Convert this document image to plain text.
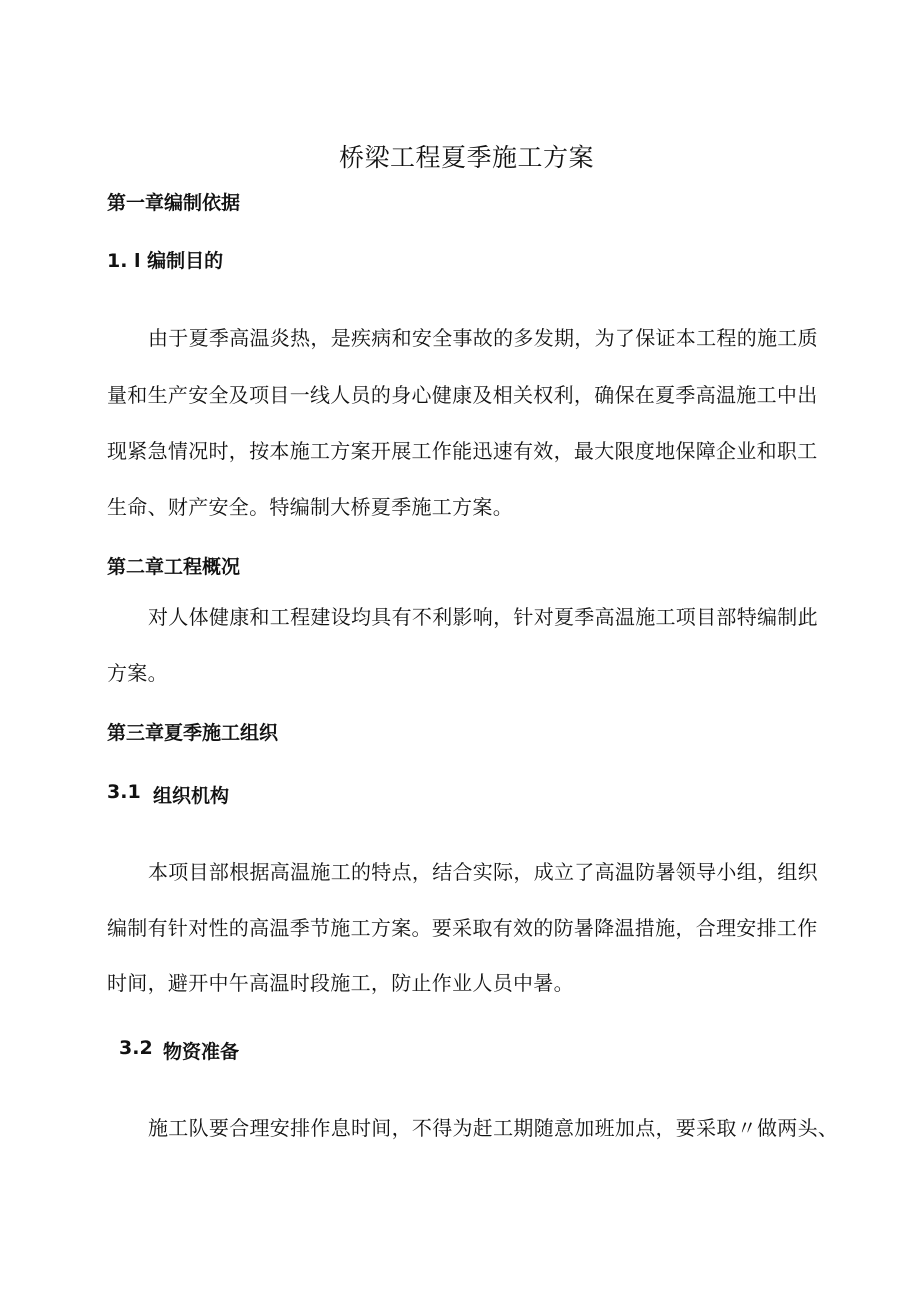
桥梁工程夏季施工方案
第一章编制依据
1. l 编制目的
由于夏季高温炎热，是疾病和安全事故的多发期，为了保证本工程的施工质
量和生产安全及项目一线人员的身心健康及相关权利，确保在夏季高温施工中出
现紧急情况时，按本施工方案开展工作能迅速有效，最大限度地保障企业和职工
生命、财产安全。特编制大桥夏季施工方案。
第二章工程概况
对人体健康和工程建设均具有不利影响，针对夏季高温施工项目部特编制此
方案。
第三章夏季施工组织
3.1 组织机构
本项目部根据高温施工的特点，结合实际，成立了高温防暑领导小组，组织
编制有针对性的高温季节施工方案。要采取有效的防暑降温措施，合理安排工作
时间，避开中午高温时段施工，防止作业人员中暑。
3.2 物资准备
施工队要合理安排作息时间，不得为赶工期随意加班加点，要采取〃做两头、
